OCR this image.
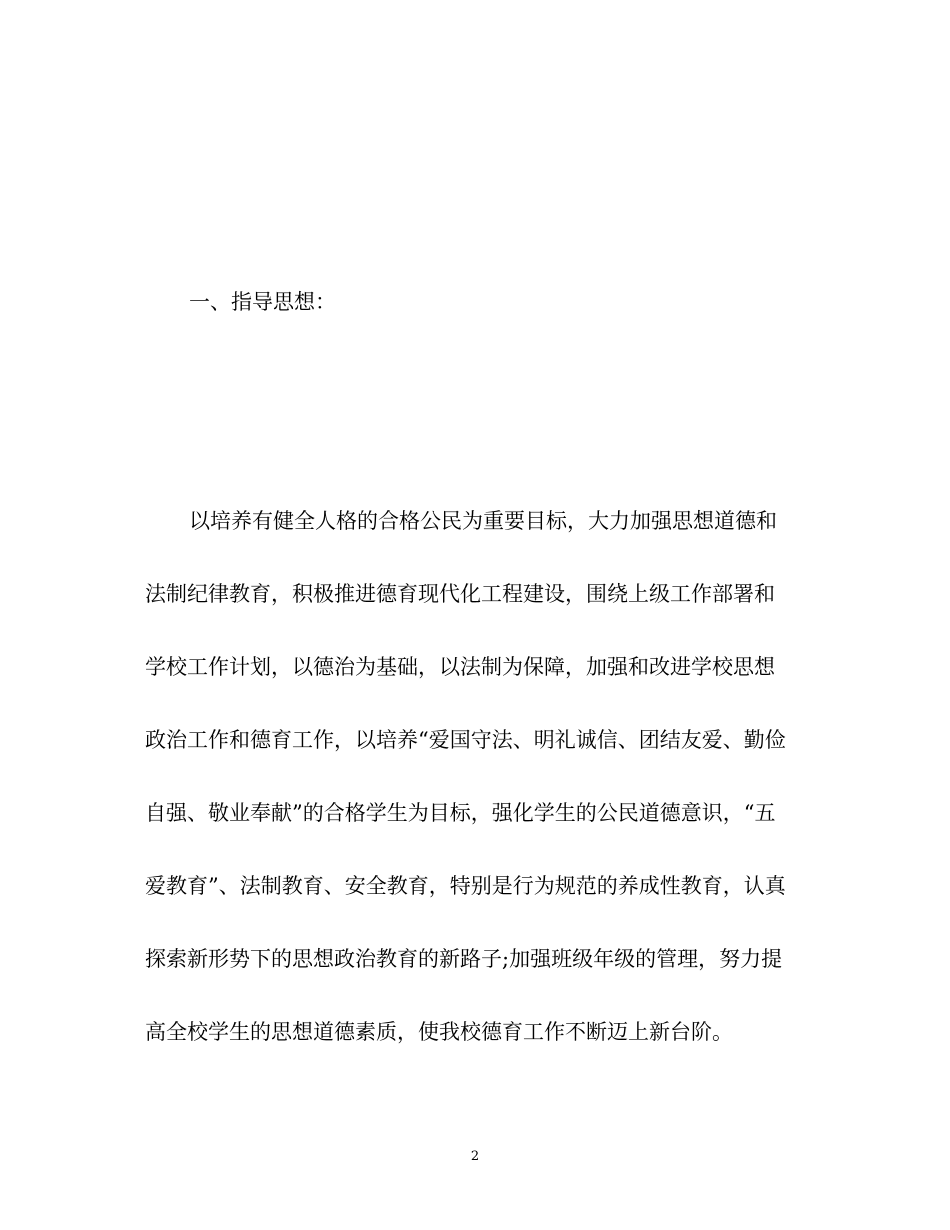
一、指导思想：
以培养有健全人格的合格公民为重要目标，大力加强思想道德和
法制纪律教育，积极推进德育现代化工程建设，围绕上级工作部署和
学校工作计划，以德治为基础，以法制为保障，加强和改进学校思想
政治工作和德育工作，以培养“爱国守法、明礼诚信、团结友爱、勤俭
自强、敬业奉献”的合格学生为目标，强化学生的公民道德意识，“五
爱教育”、法制教育、安全教育，特别是行为规范的养成性教育，认真
探索新形势下的思想政治教育的新路子;加强班级年级的管理，努力提
高全校学生的思想道德素质，使我校德育工作不断迈上新台阶。
2
